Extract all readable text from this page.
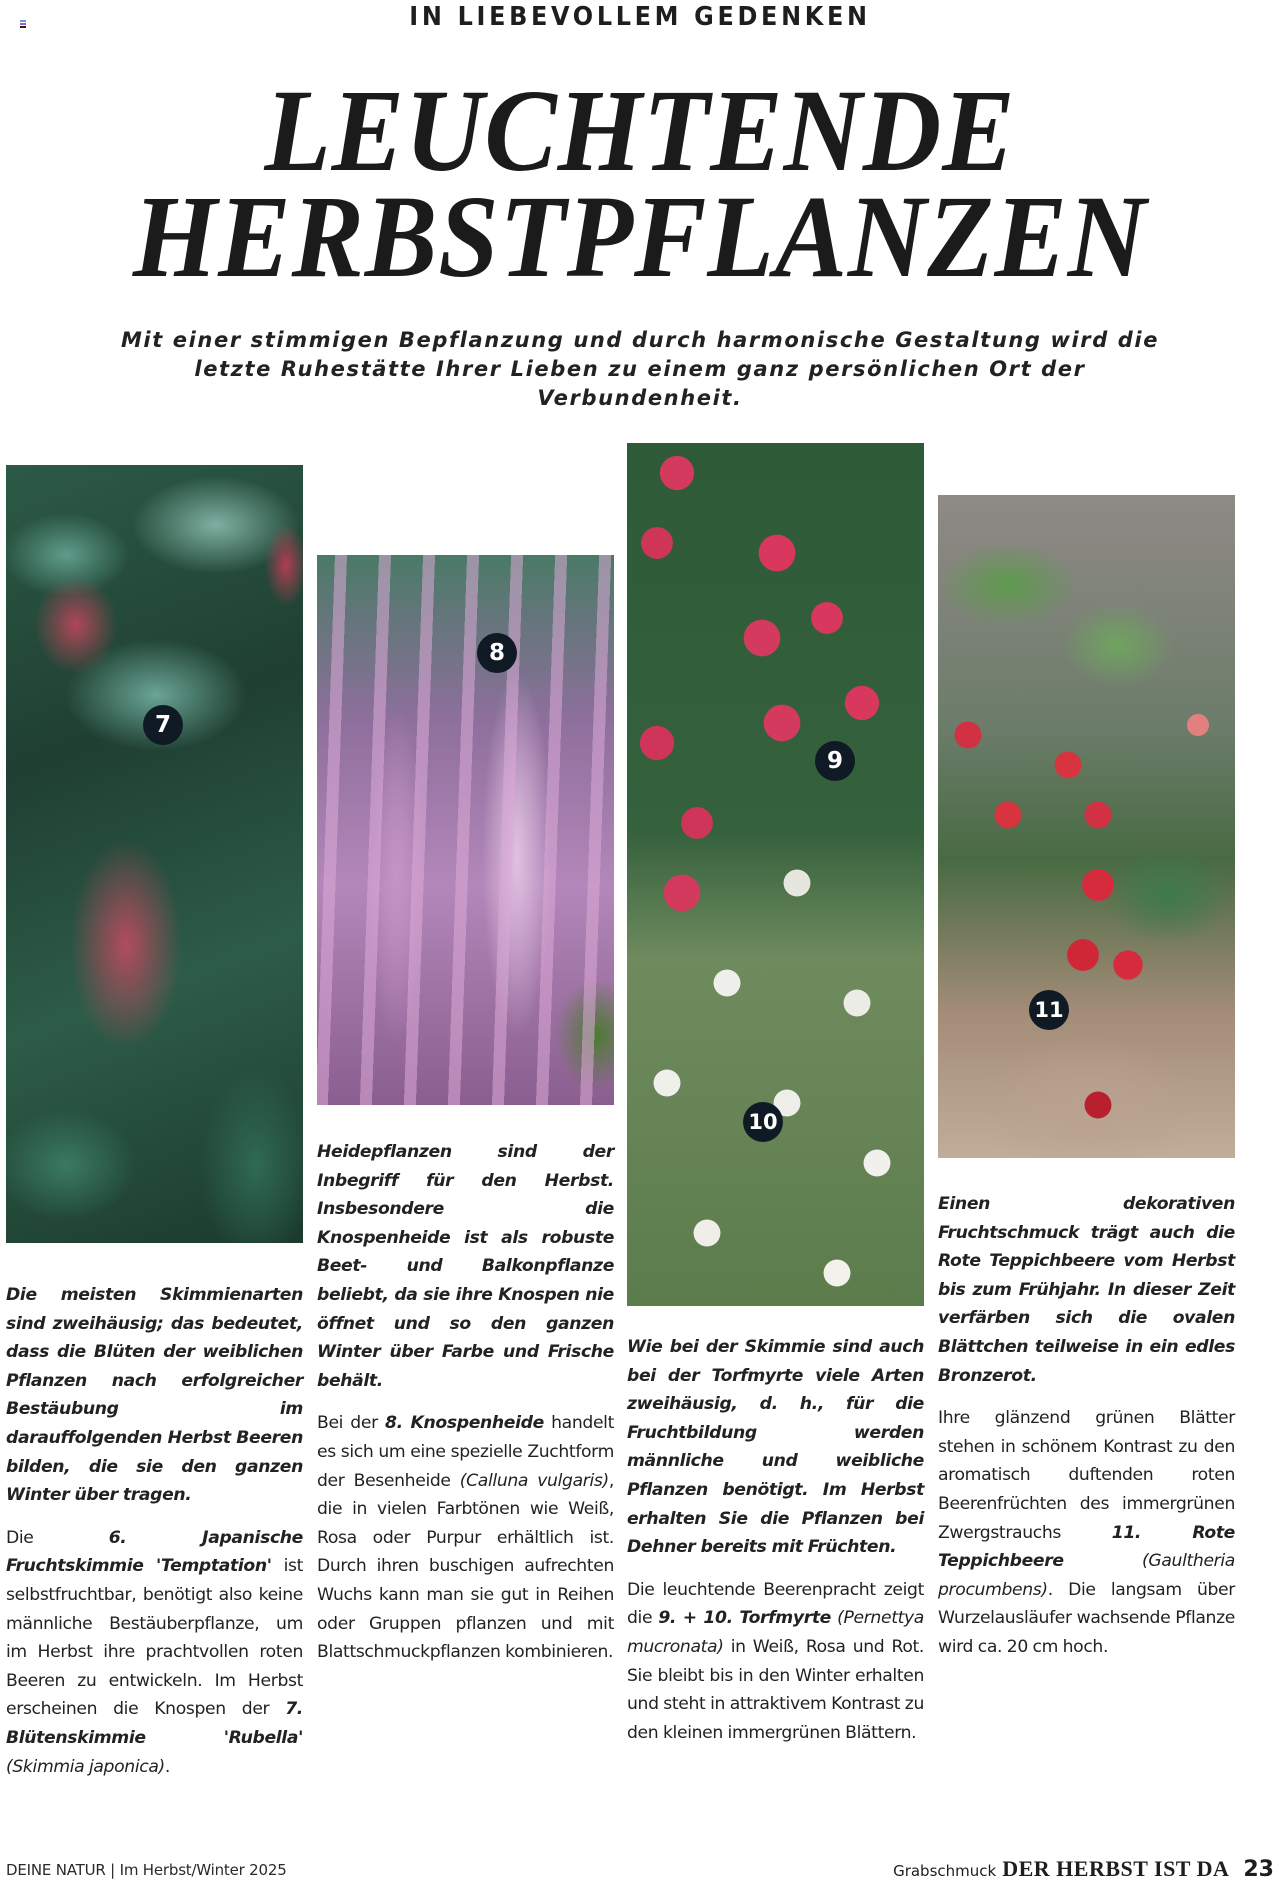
IN LIEBEVOLLEM GEDENKEN
LEUCHTENDE
HERBSTPFLANZEN
Mit einer stimmigen Bepflanzung und durch harmonische Gestaltung wird die
letzte Ruhestätte Ihrer Lieben zu einem ganz persönlichen Ort der Verbundenheit.
7
8
9
10
11

Die meisten Skimmienarten sind zweihäusig; das bedeutet, dass die Blüten der weiblichen Pflanzen nach erfolgreicher Bestäubung im darauffolgenden Herbst Beeren bilden, die sie den ganzen Winter über tragen.

Die 6. Japanische Fruchtskimmie 'Temptation' ist selbstfruchtbar, benötigt also keine männliche Bestäuberpflanze, um im Herbst ihre prachtvollen roten Beeren zu entwickeln. Im Herbst erscheinen die Knospen der 7. Blütenskimmie 'Rubella' (Skimmia japonica).

Heidepflanzen sind der Inbegriff für den Herbst. Insbesondere die Knospenheide ist als robuste Beet- und Balkonpflanze beliebt, da sie ihre Knospen nie öffnet und so den ganzen Winter über Farbe und Frische behält.

Bei der 8. Knospenheide handelt es sich um eine spezielle Zuchtform der Besenheide (Calluna vulgaris), die in vielen Farbtönen wie Weiß, Rosa oder Purpur erhältlich ist. Durch ihren buschigen aufrechten Wuchs kann man sie gut in Reihen oder Gruppen pflanzen und mit Blattschmuckpflanzen kombinieren.

Wie bei der Skimmie sind auch bei der Torfmyrte viele Arten zweihäusig, d. h., für die Fruchtbildung werden männliche und weibliche Pflanzen benötigt. Im Herbst erhalten Sie die Pflanzen bei Dehner bereits mit Früchten.

Die leuchtende Beerenpracht zeigt die 9. + 10. Torfmyrte (Pernettya mucronata) in Weiß, Rosa und Rot. Sie bleibt bis in den Winter erhalten und steht in attraktivem Kontrast zu den kleinen immergrünen Blättern.

Einen dekorativen Fruchtschmuck trägt auch die Rote Teppichbeere vom Herbst bis zum Frühjahr. In dieser Zeit verfärben sich die ovalen Blättchen teilweise in ein edles Bronzerot.

Ihre glänzend grünen Blätter stehen in schönem Kontrast zu den aromatisch duftenden roten Beerenfrüchten des immergrünen Zwergstrauchs 11. Rote Teppichbeere	(Gaultheria procumbens). Die langsam über Wurzelausläufer wachsende Pflanze wird ca. 20 cm hoch.

DEINE NATUR | Im Herbst/Winter 2025	Grabschmuck DER HERBST IST DA 23
